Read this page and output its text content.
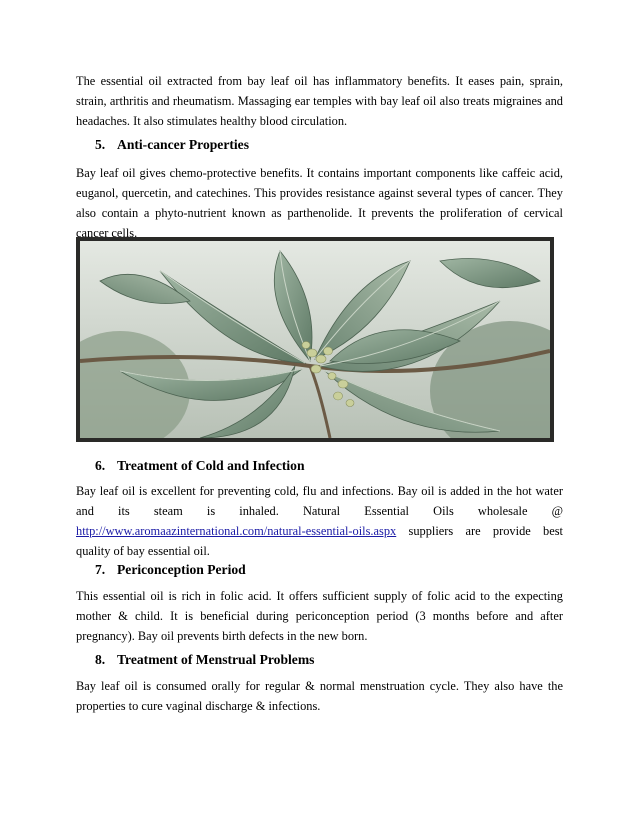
The essential oil extracted from bay leaf oil has inflammatory benefits. It eases pain, sprain, strain, arthritis and rheumatism. Massaging ear temples with bay leaf oil also treats migraines and headaches. It also stimulates healthy blood circulation.

5. Anti-cancer Properties

Bay leaf oil gives chemo-protective benefits. It contains important components like caffeic acid, euganol, quercetin, and catechines. This provides resistance against several types of cancer. They also contain a phyto-nutrient known as parthenolide. It prevents the proliferation of cervical cancer cells.

6. Treatment of Cold and Infection

Bay leaf oil is excellent for preventing cold, flu and infections. Bay oil is added in the hot water and its steam is inhaled. Natural Essential Oils wholesale @ http://www.aromaazinternational.com/natural-essential-oils.aspx suppliers are provide best quality of bay essential oil.

7. Periconception Period

This essential oil is rich in folic acid. It offers sufficient supply of folic acid to the expecting mother & child. It is beneficial during periconception period (3 months before and after pregnancy). Bay oil prevents birth defects in the new born.

8. Treatment of Menstrual Problems

Bay leaf oil is consumed orally for regular & normal menstruation cycle. They also have the properties to cure vaginal discharge & infections.
